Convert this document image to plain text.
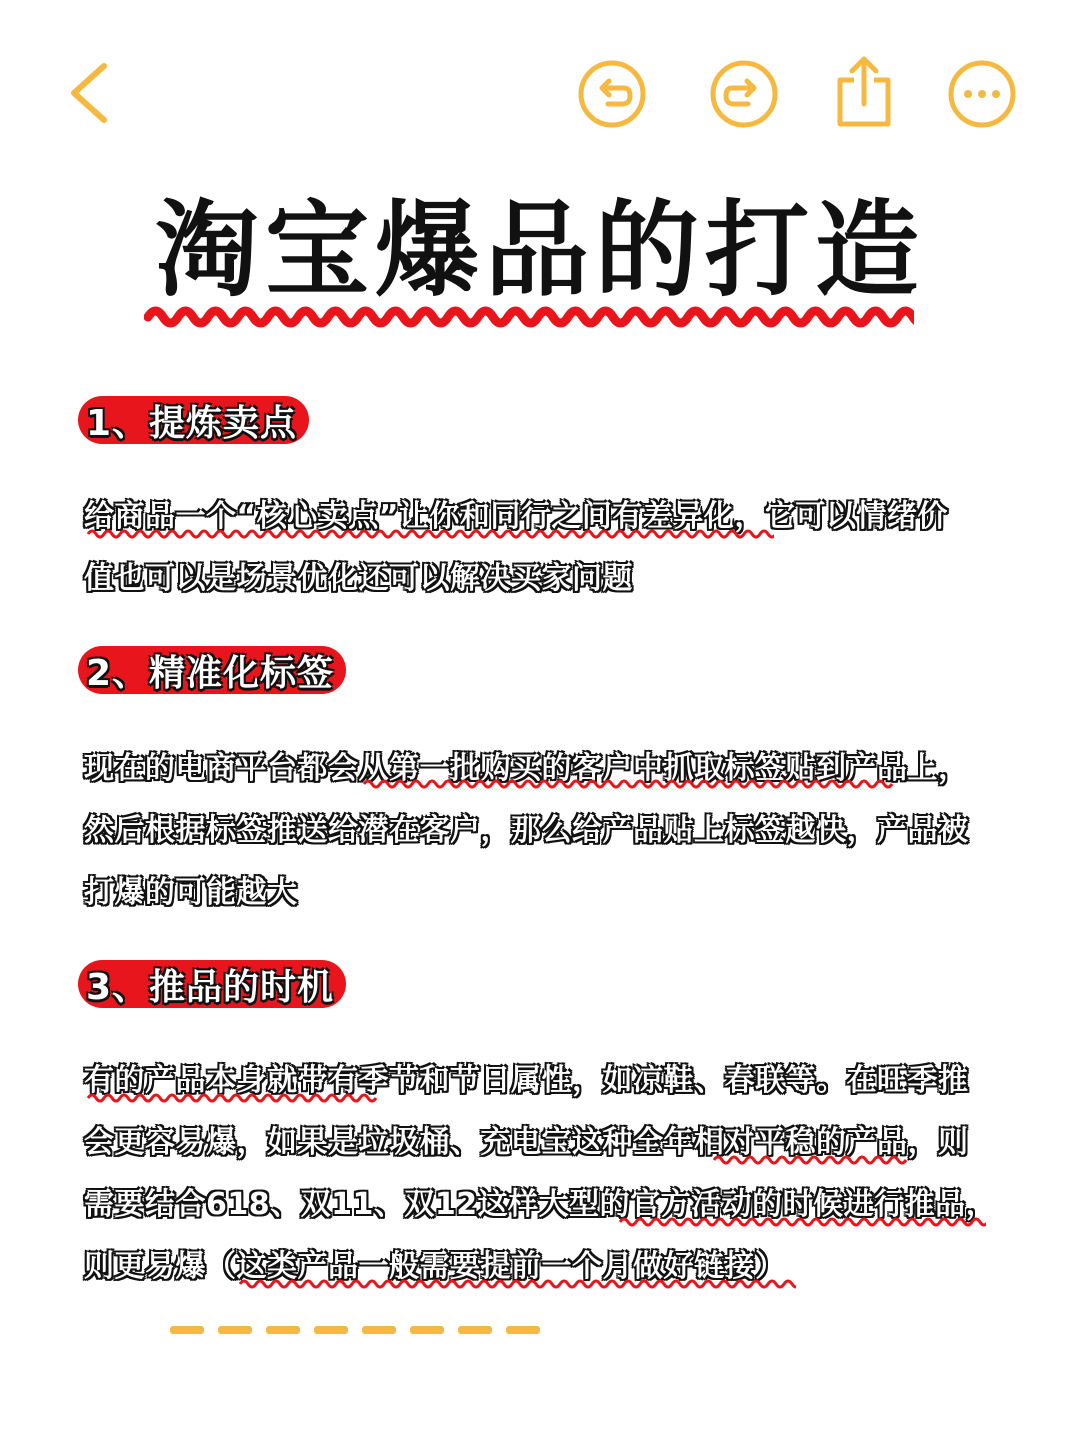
淘宝爆品的打造
1、提炼卖点
给商品一个“核心卖点”让你和同行之间有差异化，它可以情绪价
值也可以是场景优化还可以解决买家问题
2、精准化标签
现在的电商平台都会从第一批购买的客户中抓取标签贴到产品上，
然后根据标签推送给潜在客户，那么给产品贴上标签越快，产品被
打爆的可能越大
3、推品的时机
有的产品本身就带有季节和节日属性，如凉鞋、春联等。在旺季推
会更容易爆，如果是垃圾桶、充电宝这种全年相对平稳的产品，则
需要结合618、双11、双12这样大型的官方活动的时候进行推品，
则更易爆（这类产品一般需要提前一个月做好链接）
